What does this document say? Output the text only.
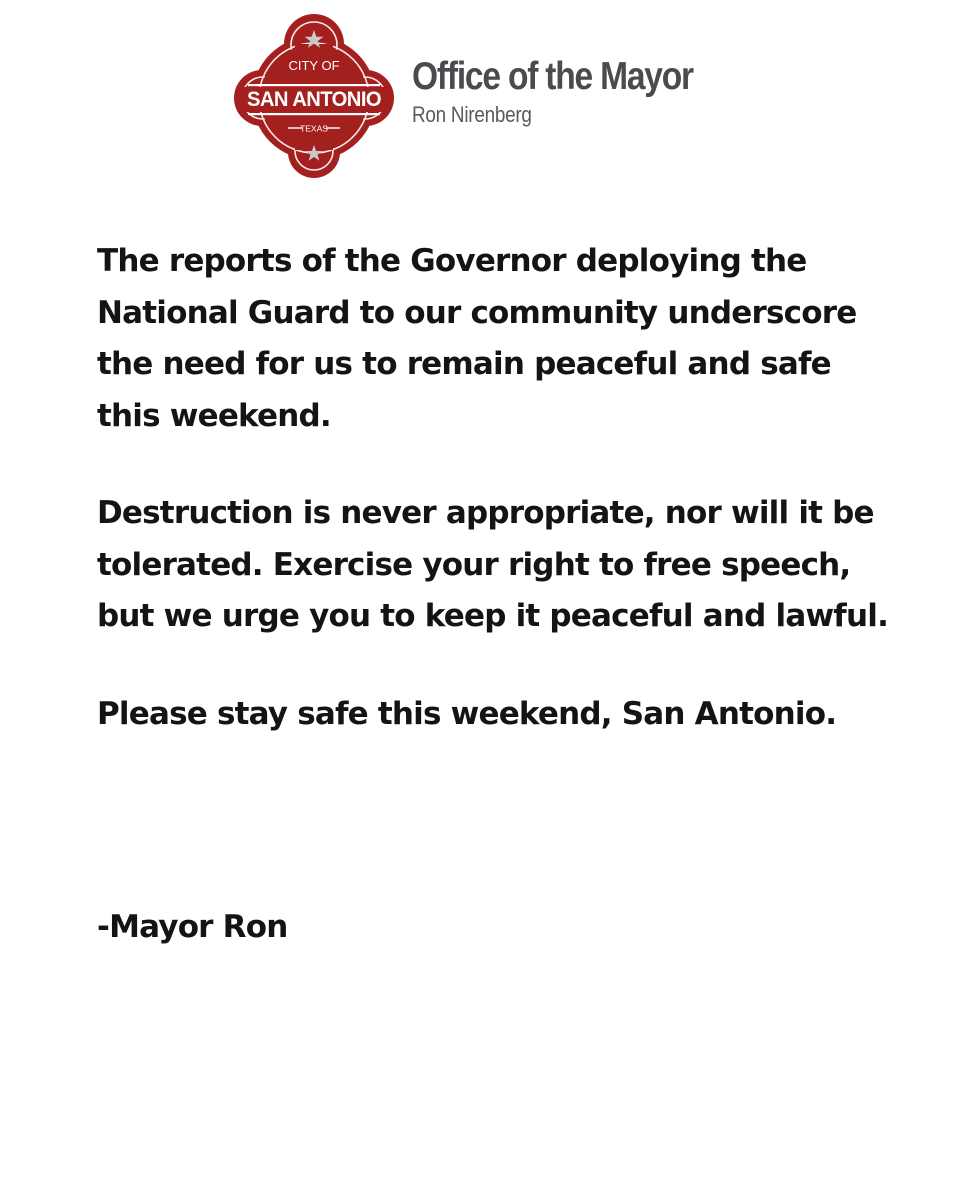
CITY OF
SAN ANTONIO
TEXAS
Office of the Mayor
Ron Nirenberg

The reports of the Governor deploying the National Guard to our community underscore the need for us to remain peaceful and safe this weekend.

Destruction is never appropriate, nor will it be tolerated. Exercise your right to free speech, but we urge you to keep it peaceful and lawful.

Please stay safe this weekend, San Antonio.

-Mayor Ron
